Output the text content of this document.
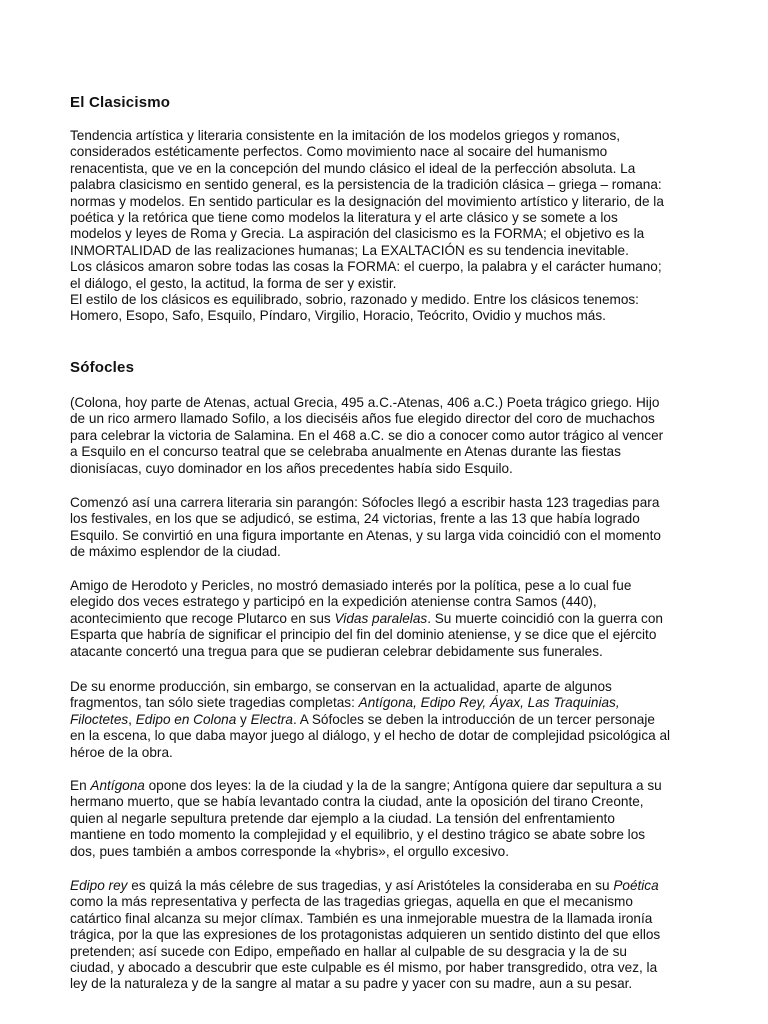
El Clasicismo

Tendencia artística y literaria consistente en la imitación de los modelos griegos y romanos,
considerados estéticamente perfectos. Como movimiento nace al socaire del humanismo
renacentista, que ve en la concepción del mundo clásico el ideal de la perfección absoluta. La
palabra clasicismo en sentido general, es la persistencia de la tradición clásica – griega – romana:
normas y modelos. En sentido particular es la designación del movimiento artístico y literario, de la
poética y la retórica que tiene como modelos la literatura y el arte clásico y se somete a los
modelos y leyes de Roma y Grecia. La aspiración del clasicismo es la FORMA; el objetivo es la
INMORTALIDAD de las realizaciones humanas; La EXALTACIÓN es su tendencia inevitable.
Los clásicos amaron sobre todas las cosas la FORMA: el cuerpo, la palabra y el carácter humano;
el diálogo, el gesto, la actitud, la forma de ser y existir.
El estilo de los clásicos es equilibrado, sobrio, razonado y medido. Entre los clásicos tenemos:
Homero, Esopo, Safo, Esquilo, Píndaro, Virgilio, Horacio, Teócrito, Ovidio y muchos más.

Sófocles

(Colona, hoy parte de Atenas, actual Grecia, 495 a.C.-Atenas, 406 a.C.) Poeta trágico griego. Hijo
de un rico armero llamado Sofilo, a los dieciséis años fue elegido director del coro de muchachos
para celebrar la victoria de Salamina. En el 468 a.C. se dio a conocer como autor trágico al vencer
a Esquilo en el concurso teatral que se celebraba anualmente en Atenas durante las fiestas
dionisíacas, cuyo dominador en los años precedentes había sido Esquilo.

Comenzó así una carrera literaria sin parangón: Sófocles llegó a escribir hasta 123 tragedias para
los festivales, en los que se adjudicó, se estima, 24 victorias, frente a las 13 que había logrado
Esquilo. Se convirtió en una figura importante en Atenas, y su larga vida coincidió con el momento
de máximo esplendor de la ciudad.

Amigo de Herodoto y Pericles, no mostró demasiado interés por la política, pese a lo cual fue
elegido dos veces estratego y participó en la expedición ateniense contra Samos (440),
acontecimiento que recoge Plutarco en sus Vidas paralelas. Su muerte coincidió con la guerra con
Esparta que habría de significar el principio del fin del dominio ateniense, y se dice que el ejército
atacante concertó una tregua para que se pudieran celebrar debidamente sus funerales.

De su enorme producción, sin embargo, se conservan en la actualidad, aparte de algunos
fragmentos, tan sólo siete tragedias completas: Antígona, Edipo Rey, Áyax, Las Traquinias,
Filoctetes, Edipo en Colona y Electra. A Sófocles se deben la introducción de un tercer personaje
en la escena, lo que daba mayor juego al diálogo, y el hecho de dotar de complejidad psicológica al
héroe de la obra.

En Antígona opone dos leyes: la de la ciudad y la de la sangre; Antígona quiere dar sepultura a su
hermano muerto, que se había levantado contra la ciudad, ante la oposición del tirano Creonte,
quien al negarle sepultura pretende dar ejemplo a la ciudad. La tensión del enfrentamiento
mantiene en todo momento la complejidad y el equilibrio, y el destino trágico se abate sobre los
dos, pues también a ambos corresponde la «hybris», el orgullo excesivo.

Edipo rey es quizá la más célebre de sus tragedias, y así Aristóteles la consideraba en su Poética
como la más representativa y perfecta de las tragedias griegas, aquella en que el mecanismo
catártico final alcanza su mejor clímax. También es una inmejorable muestra de la llamada ironía
trágica, por la que las expresiones de los protagonistas adquieren un sentido distinto del que ellos
pretenden; así sucede con Edipo, empeñado en hallar al culpable de su desgracia y la de su
ciudad, y abocado a descubrir que este culpable es él mismo, por haber transgredido, otra vez, la
ley de la naturaleza y de la sangre al matar a su padre y yacer con su madre, aun a su pesar.
